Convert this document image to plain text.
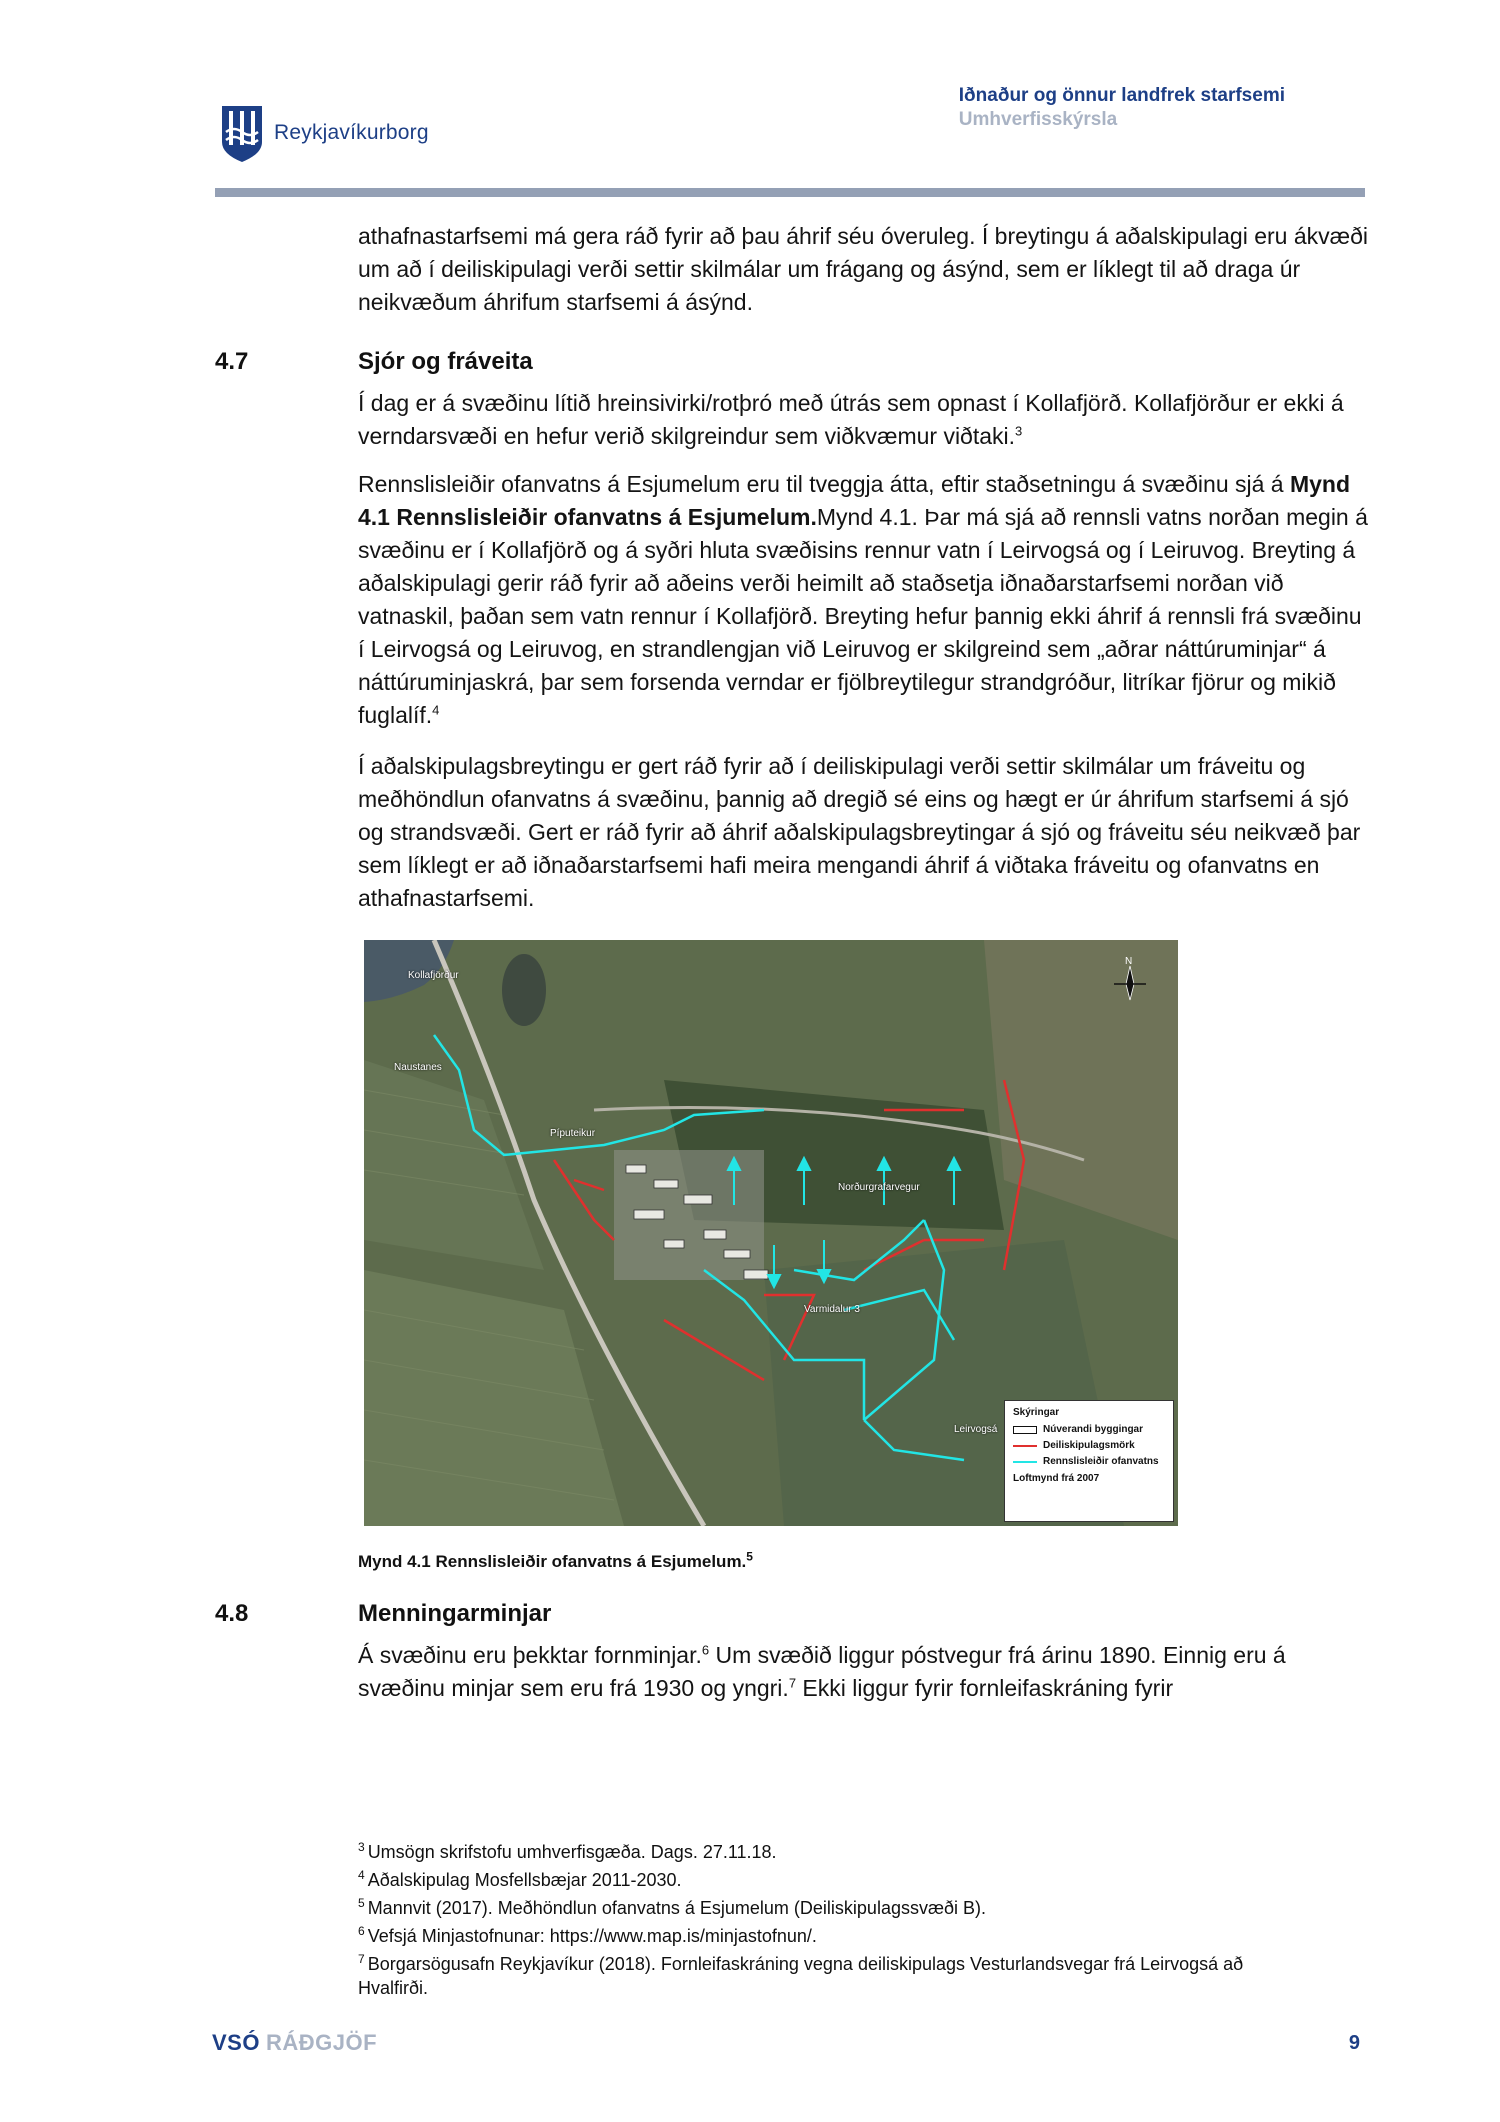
Reykjavíkurborg
Iðnaður og önnur landfrek starfsemi
Umhverfisskýrsla

athafnastarfsemi má gera ráð fyrir að þau áhrif séu óveruleg. Í breytingu á aðalskipulagi eru ákvæði um að í deiliskipulagi verði settir skilmálar um frágang og ásýnd, sem er líklegt til að draga úr neikvæðum áhrifum starfsemi á ásýnd.

4.7	Sjór og fráveita

Í dag er á svæðinu lítið hreinsivirki/rotþró með útrás sem opnast í Kollafjörð. Kollafjörður er ekki á verndarsvæði en hefur verið skilgreindur sem viðkvæmur viðtaki.$^3$

Rennslisleiðir ofanvatns á Esjumelum eru til tveggja átta, eftir staðsetningu á svæðinu sjá á Mynd 4.1 Rennslisleiðir ofanvatns á Esjumelum.Mynd 4.1. Þar má sjá að rennsli vatns norðan megin á svæðinu er í Kollafjörð og á syðri hluta svæðisins rennur vatn í Leirvogsá og í Leiruvog. Breyting á aðalskipulagi gerir ráð fyrir að aðeins verði heimilt að staðsetja iðnaðarstarfsemi norðan við vatnaskil, þaðan sem vatn rennur í Kollafjörð. Breyting hefur þannig ekki áhrif á rennsli frá svæðinu í Leirvogsá og Leiruvog, en strandlengjan við Leiruvog er skilgreind sem „aðrar náttúruminjar“ á náttúruminjaskrá, þar sem forsenda verndar er fjölbreytilegur strandgróður, litríkar fjörur og mikið fuglalíf.$^4$

Í aðalskipulagsbreytingu er gert ráð fyrir að í deiliskipulagi verði settir skilmálar um fráveitu og meðhöndlun ofanvatns á svæðinu, þannig að dregið sé eins og hægt er úr áhrifum starfsemi á sjó og strandsvæði. Gert er ráð fyrir að áhrif aðalskipulagsbreytingar á sjó og fráveitu séu neikvæð þar sem líklegt er að iðnaðarstarfsemi hafi meira mengandi áhrif á viðtaka fráveitu og ofanvatns en athafnastarfsemi.

Kollafjörður
Naustanes
Píputeikur
Norðurgrafarvegur
Varmidalur 3
Leirvogsá
N
Skýringar
Núverandi byggingar
Deiliskipulagsmörk
Rennslisleiðir ofanvatns
Loftmynd frá 2007
Mynd 4.1 Rennslisleiðir ofanvatns á Esjumelum.$^5$
4.8	Menningarminjar

Á svæðinu eru þekktar fornminjar.$^6$ Um svæðið liggur póstvegur frá árinu 1890. Einnig eru á svæðinu minjar sem eru frá 1930 og yngri.$^7$ Ekki liggur fyrir fornleifaskráning fyrir

$^3$ Umsögn skrifstofu umhverfisgæða. Dags. 27.11.18.
$^4$ Aðalskipulag Mosfellsbæjar 2011-2030.
$^5$ Mannvit (2017). Meðhöndlun ofanvatns á Esjumelum (Deiliskipulagssvæði B).
$^6$ Vefsjá Minjastofnunar: https://www.map.is/minjastofnun/.
$^7$ Borgarsögusafn Reykjavíkur (2018). Fornleifaskráning vegna deiliskipulags Vesturlandsvegar frá Leirvogsá að Hvalfirði.
VSÓ RÁÐGJÖF	9
